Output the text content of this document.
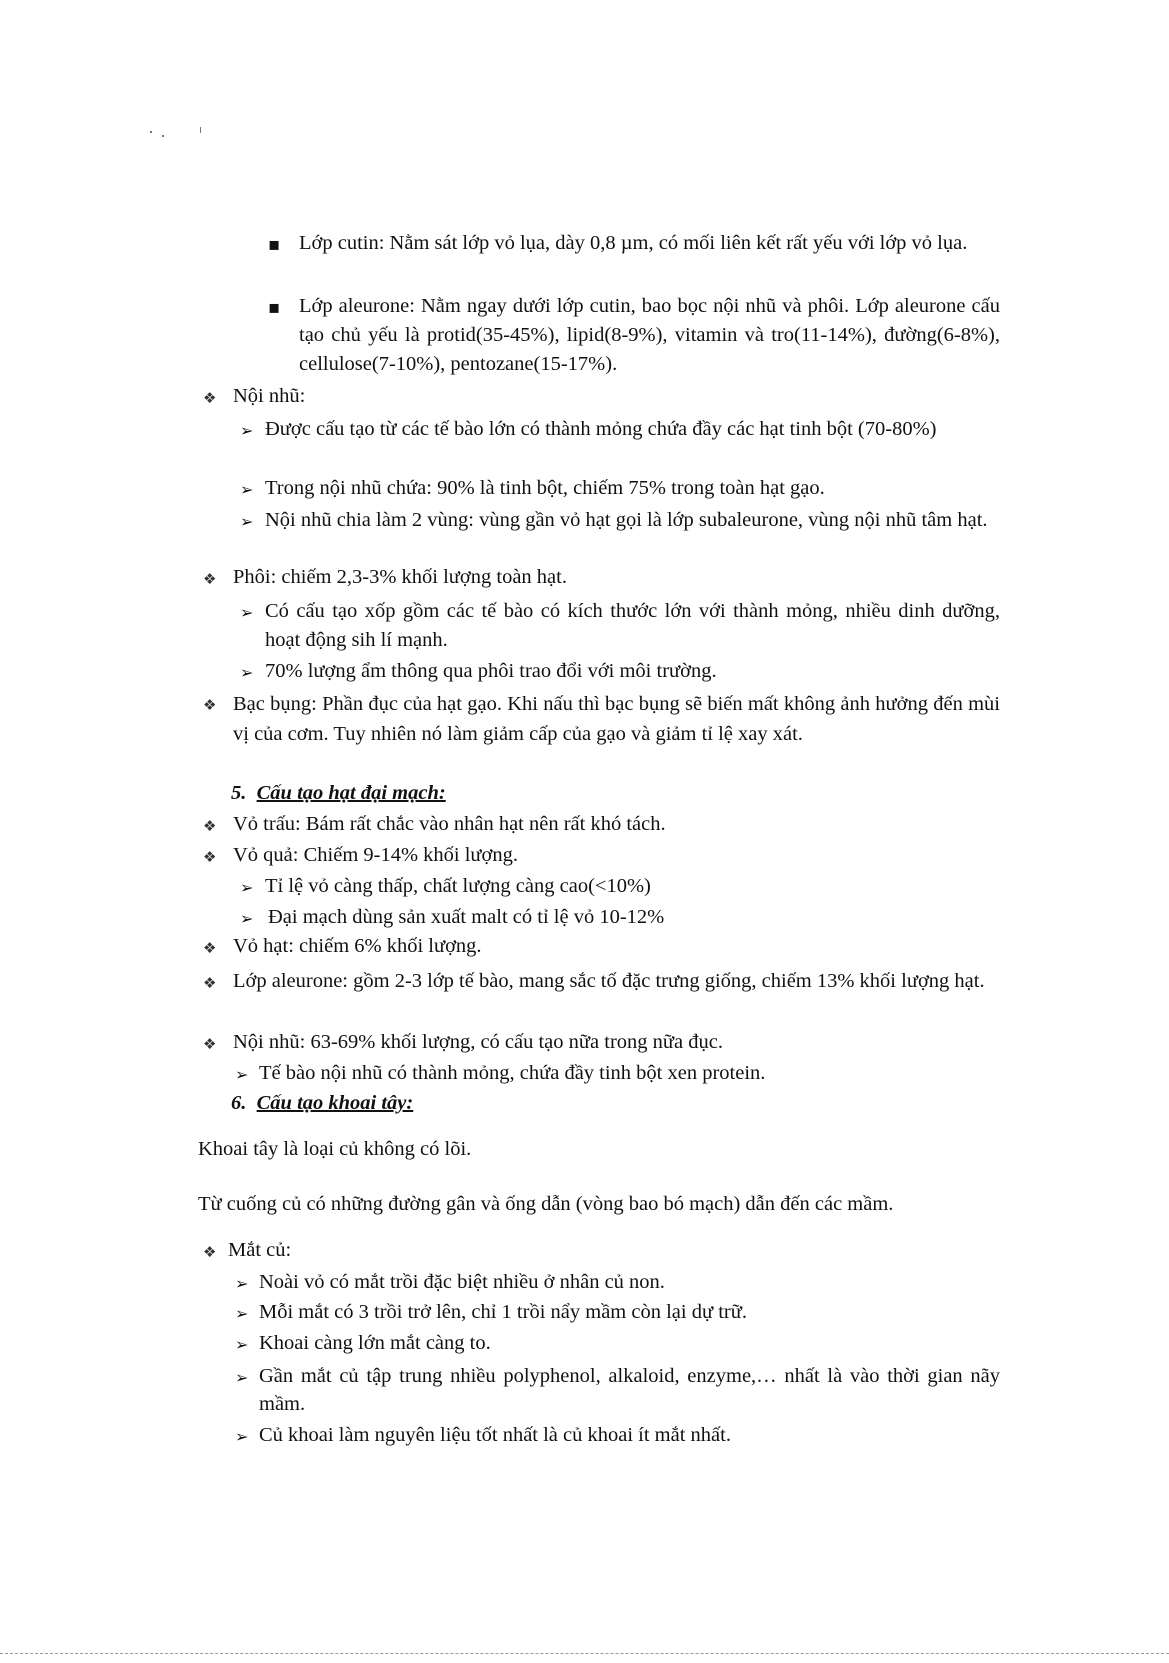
▪
Lớp cutin: Nằm sát lớp vỏ lụa, dày 0,8 µm, có mối liên kết rất yếu với lớp vỏ lụa.
▪
Lớp aleurone: Nằm ngay dưới lớp cutin, bao bọc nội nhũ và phôi. Lớp aleurone cấu tạo chủ yếu là protid(35-45%), lipid(8-9%), vitamin và tro(11-14%), đường(6-8%), cellulose(7-10%), pentozane(15-17%).
❖
Nội nhũ:
➢
Được cấu tạo từ các tế bào lớn có thành mỏng chứa đầy các hạt tinh bột (70-80%)
➢
Trong nội nhũ chứa: 90% là tinh bột, chiếm 75% trong toàn hạt gạo.
➢
Nội nhũ chia làm 2 vùng: vùng gần vỏ hạt gọi là lớp subaleurone, vùng nội nhũ tâm hạt.
❖
Phôi: chiếm 2,3-3% khối lượng toàn hạt.
➢
Có cấu tạo xốp gồm các tế bào có kích thước lớn với thành mỏng, nhiều dinh dưỡng, hoạt động sih lí mạnh.
➢
70% lượng ẩm thông qua phôi trao đổi với môi trường.
❖
Bạc bụng: Phần đục của hạt gạo. Khi nấu thì bạc bụng sẽ biến mất không ảnh hưởng đến mùi vị của cơm. Tuy nhiên nó làm giảm cấp của gạo và giảm tỉ lệ xay xát.
5. Cấu tạo hạt đại mạch:
❖
Vỏ trấu: Bám rất chắc vào nhân hạt nên rất khó tách.
❖
Vỏ quả: Chiếm 9-14% khối lượng.
➢
Tỉ lệ vỏ càng thấp, chất lượng càng cao(<10%)
➢
Đại mạch dùng sản xuất malt có tỉ lệ vỏ 10-12%
❖
Vỏ hạt: chiếm 6% khối lượng.
❖
Lớp aleurone: gồm 2-3 lớp tế bào, mang sắc tố đặc trưng giống, chiếm 13% khối lượng hạt.
❖
Nội nhũ: 63-69% khối lượng, có cấu tạo nữa trong nữa đục.
➢
Tế bào nội nhũ có thành mỏng, chứa đầy tinh bột xen protein.
6. Cấu tạo khoai tây:
Khoai tây là loại củ không có lõi.
Từ cuống củ có những đường gân và ống dẫn (vòng bao bó mạch) dẫn đến các mầm.
❖
Mắt củ:
➢
Noài vỏ có mắt trồi đặc biệt nhiều ở nhân củ non.
➢
Mỗi mắt có 3 trồi trở lên, chỉ 1 trồi nẩy mầm còn lại dự trữ.
➢
Khoai càng lớn mắt càng to.
➢
Gần mắt củ tập trung nhiều polyphenol, alkaloid, enzyme,… nhất là vào thời gian nãy mầm.
➢
Củ khoai làm nguyên liệu tốt nhất là củ khoai ít mắt nhất.
